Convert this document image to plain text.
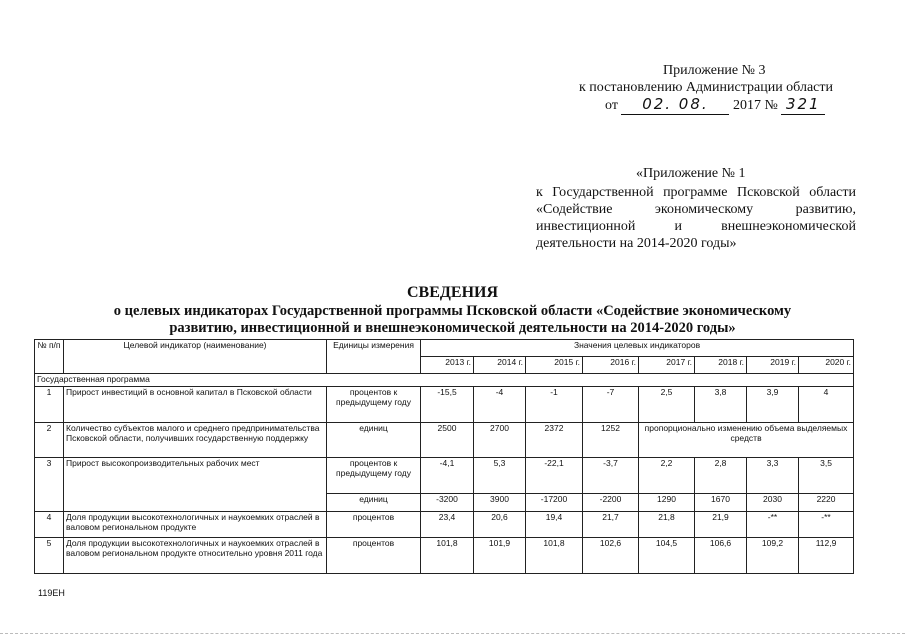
Приложение № 3
к постановлению Администрации области
от 02. 08. 2017 № 321
«Приложение № 1
к Государственной программе Псковской области «Содействие экономическому развитию, инвестиционной и внешнеэкономической деятельности на 2014-2020 годы»
СВЕДЕНИЯ
о целевых индикаторах Государственной программы Псковской области «Содействие экономическому
развитию, инвестиционной и внешнеэкономической деятельности на 2014-2020 годы»
№ п/п	Целевой индикатор (наименование)	Единицы измерения	Значения целевых индикаторов							
			2013 г.	2014 г.	2015 г.	2016 г.	2017 г.	2018 г.	2019 г.	2020 г.
Государственная программа										
1	Прирост инвестиций в основной капитал в Псковской области	процентов к предыдущему году	-15,5	-4	-1	-7	2,5	3,8	3,9	4
2	Количество субъектов малого и среднего предпринимательства Псковской области, получивших государственную поддержку	единиц	2500	2700	2372	1252	пропорционально изменению объема выделяемых средств			
3	Прирост высокопроизводительных рабочих мест	процентов к предыдущему году	-4,1	5,3	-22,1	-3,7	2,2	2,8	3,3	3,5
		единиц	-3200	3900	-17200	-2200	1290	1670	2030	2220
4	Доля продукции высокотехнологичных и наукоемких отраслей в валовом региональном продукте	процентов	23,4	20,6	19,4	21,7	21,8	21,9	-**	-**
5	Доля продукции высокотехнологичных и наукоемких отраслей в валовом региональном продукте относительно уровня 2011 года	процентов	101,8	101,9	101,8	102,6	104,5	106,6	109,2	112,9
119ЕН
